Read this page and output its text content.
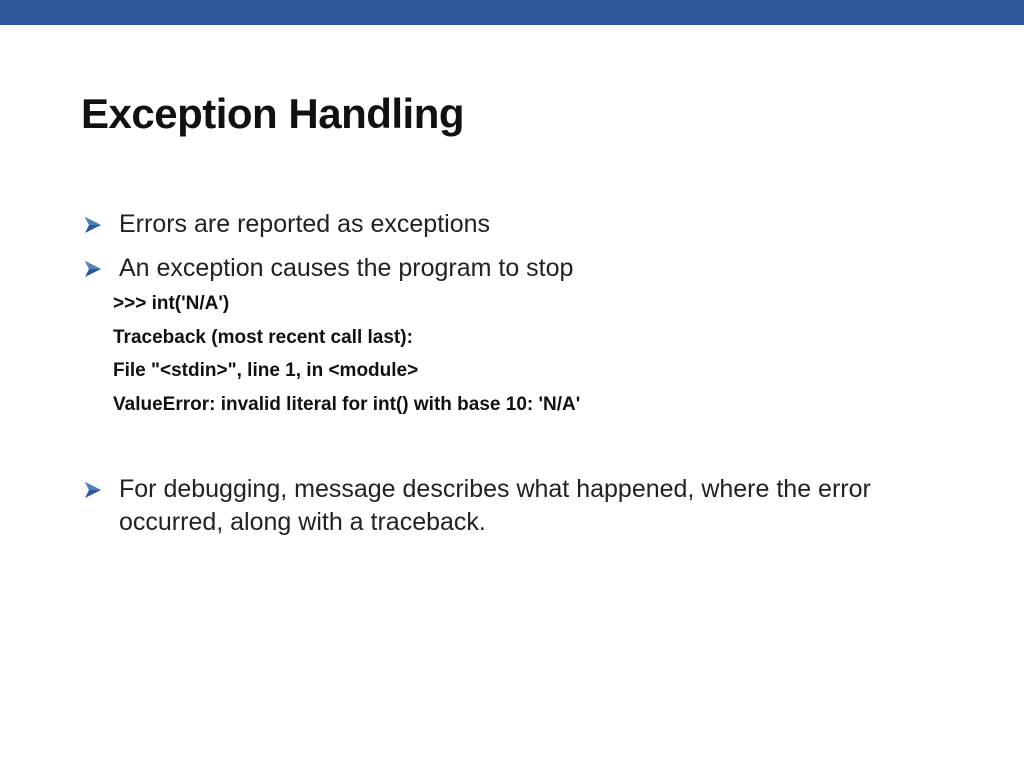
Exception Handling
Errors are reported as exceptions
An exception causes the program to stop
>>> int('N/A')
Traceback (most recent call last):
File "<stdin>", line 1, in <module>
ValueError: invalid literal for int() with base 10: 'N/A'
For debugging, message describes what happened, where the error occurred, along with a traceback.
